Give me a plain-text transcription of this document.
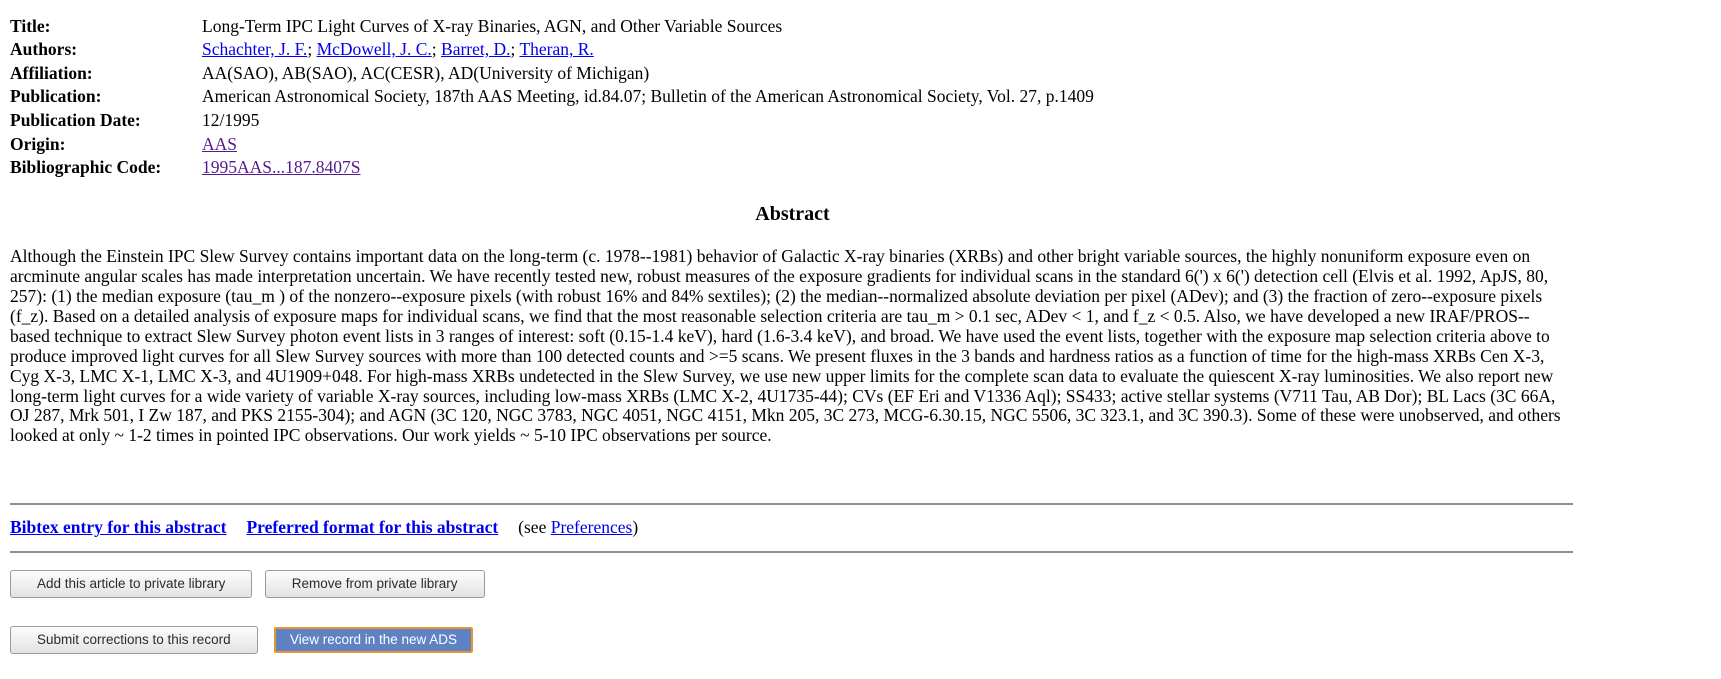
Title:	Long-Term IPC Light Curves of X-ray Binaries, AGN, and Other Variable Sources
Authors:	Schachter, J. F.; McDowell, J. C.; Barret, D.; Theran, R.
Affiliation:	AA(SAO), AB(SAO), AC(CESR), AD(University of Michigan)
Publication:	American Astronomical Society, 187th AAS Meeting, id.84.07; Bulletin of the American Astronomical Society, Vol. 27, p.1409
Publication Date:	12/1995
Origin:	AAS
Bibliographic Code:	1995AAS...187.8407S
Abstract

Although the Einstein IPC Slew Survey contains important data on the long-term (c. 1978--1981) behavior of Galactic X-ray binaries (XRBs) and other bright variable sources, the highly nonuniform exposure even on arcminute angular scales has made interpretation uncertain. We have recently tested new, robust measures of the exposure gradients for individual scans in the standard 6(') x 6(') detection cell (Elvis et al. 1992, ApJS, 80, 257): (1) the median exposure (tau_m ) of the nonzero--exposure pixels (with robust 16% and 84% sextiles); (2) the median--normalized absolute deviation per pixel (ADev); and (3) the fraction of zero--exposure pixels (f_z). Based on a detailed analysis of exposure maps for individual scans, we find that the most reasonable selection criteria are tau_m > 0.1 sec, ADev < 1, and f_z < 0.5. Also, we have developed a new IRAF/PROS--based technique to extract Slew Survey photon event lists in 3 ranges of interest: soft (0.15-1.4 keV), hard (1.6-3.4 keV), and broad. We have used the event lists, together with the exposure map selection criteria above to produce improved light curves for all Slew Survey sources with more than 100 detected counts and >=5 scans. We present fluxes in the 3 bands and hardness ratios as a function of time for the high-mass XRBs Cen X-3, Cyg X-3, LMC X-1, LMC X-3, and 4U1909+048. For high-mass XRBs undetected in the Slew Survey, we use new upper limits for the complete scan data to evaluate the quiescent X-ray luminosities. We also report new long-term light curves for a wide variety of variable X-ray sources, including low-mass XRBs (LMC X-2, 4U1735-44); CVs (EF Eri and V1336 Aql); SS433; active stellar systems (V711 Tau, AB Dor); BL Lacs (3C 66A, OJ 287, Mrk 501, I Zw 187, and PKS 2155-304); and AGN (3C 120, NGC 3783, NGC 4051, NGC 4151, Mkn 205, 3C 273, MCG-6.30.15, NGC 5506, 3C 323.1, and 3C 390.3). Some of these were unobserved, and others looked at only ~ 1-2 times in pointed IPC observations. Our work yields ~ 5-10 IPC observations per source.

Bibtex entry for this abstract Preferred format for this abstract (see Preferences)
Add this article to private library	Remove from private library
Submit corrections to this record	View record in the new ADS
